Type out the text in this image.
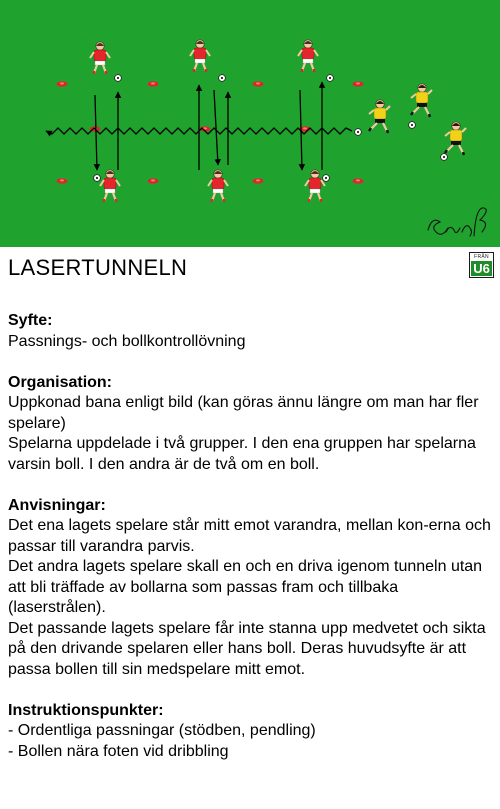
LASERTUNNELN	FRÅN
U6
Syfte:

Passnings- och bollkontrollövning

Organisation:

Uppkonad bana enligt bild (kan göras ännu längre om man har fler spelare)

Spelarna uppdelade i två grupper. I den ena gruppen har spelarna varsin boll. I den andra är de två om en boll.

Anvisningar:

Det ena lagets spelare står mitt emot varandra, mellan kon-erna och passar till varandra parvis.

Det andra lagets spelare skall en och en driva igenom tunneln utan att bli träffade av bollarna som passas fram och tillbaka (laserstrålen).

Det passande lagets spelare får inte stanna upp medvetet och sikta på den drivande spelaren eller hans boll. Deras huvudsyfte är att passa bollen till sin medspelare mitt emot.

Instruktionspunkter:

- Ordentliga passningar (stödben, pendling)

- Bollen nära foten vid dribbling
